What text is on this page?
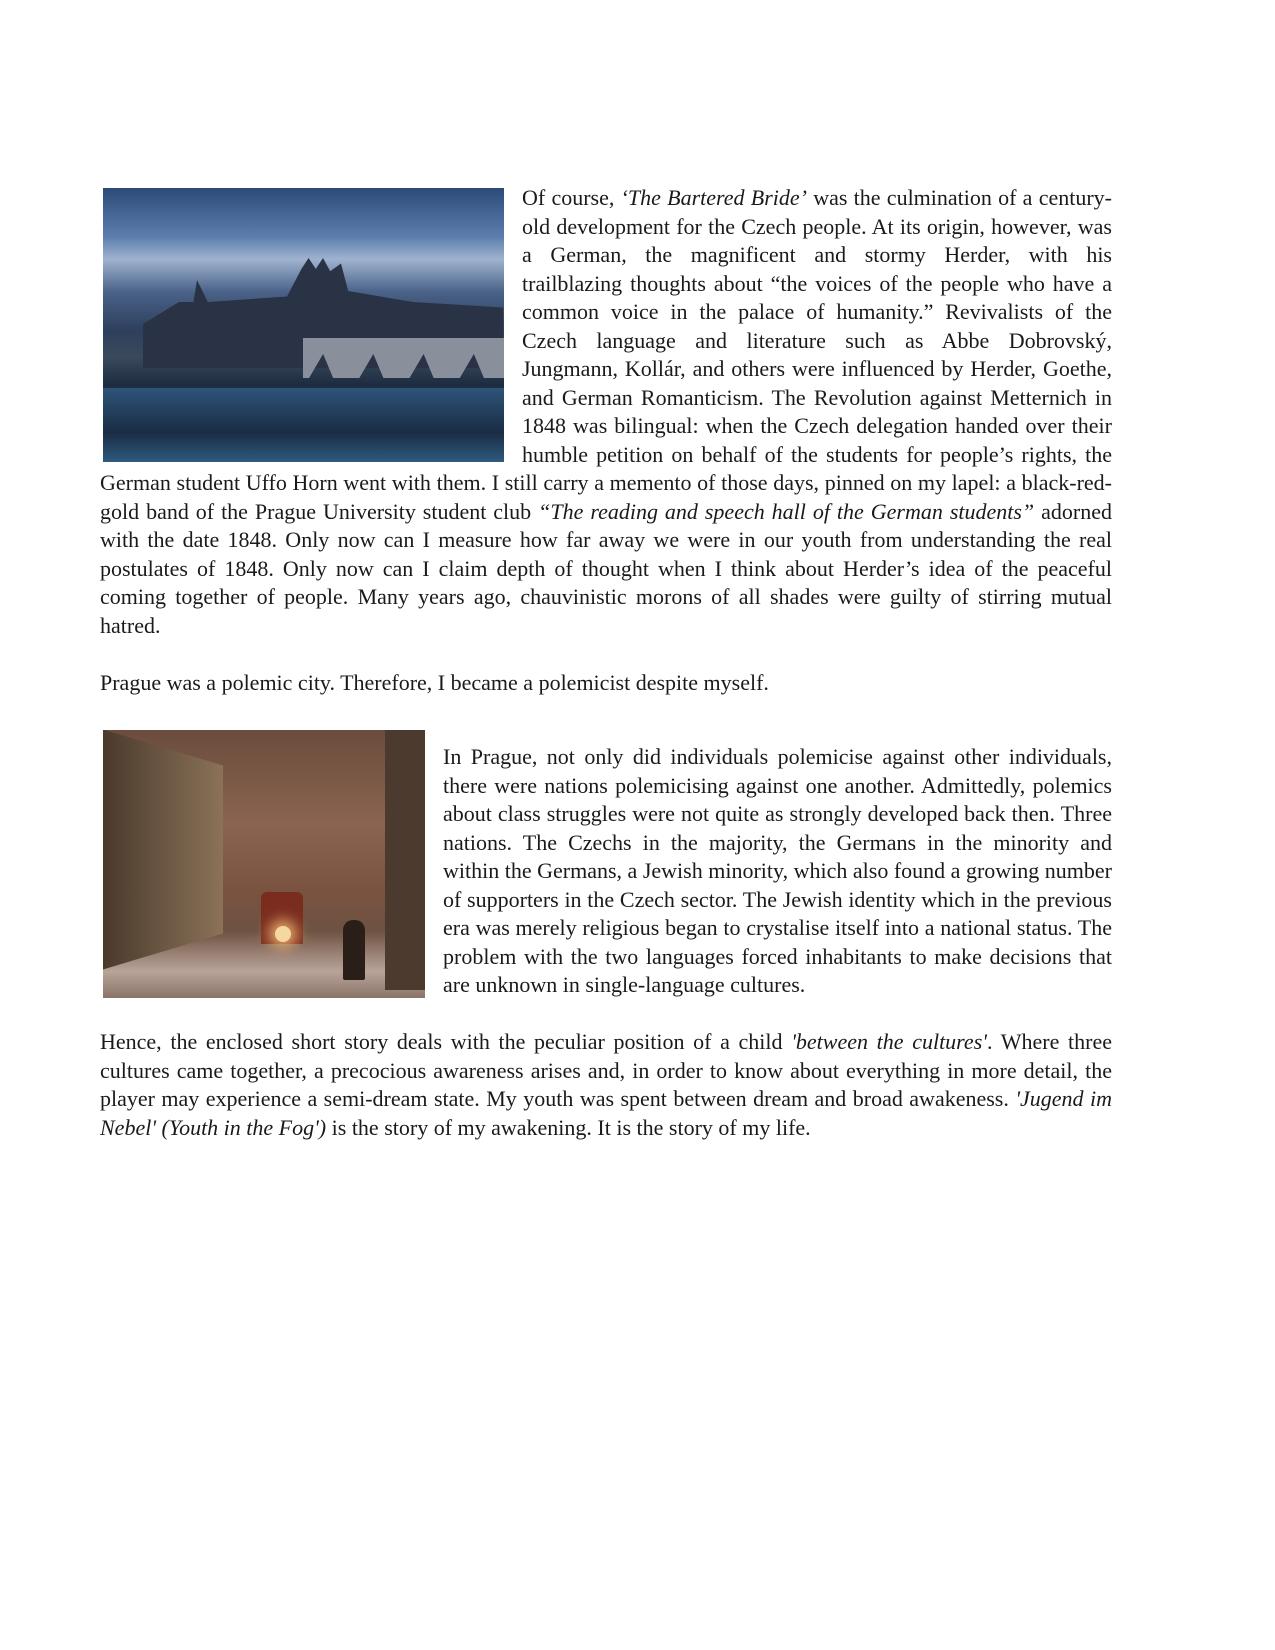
Of course, ‘The Bartered Bride’ was the culmination of a century-old development for the Czech people. At its origin, however, was a German, the magnificent and stormy Herder, with his trailblazing thoughts about “the voices of the people who have a common voice in the palace of humanity.” Revivalists of the Czech language and literature such as Abbe Dobrovský, Jungmann, Kollár, and others were influenced by Herder, Goethe, and German Romanticism. The Revolution against Metternich in 1848 was bilingual: when the Czech delegation handed over their humble petition on behalf of the students for people’s rights, the German student Uffo Horn went with them. I still carry a memento of those days, pinned on my lapel: a black-red-gold band of the Prague University student club “The reading and speech hall of the German students” adorned with the date 1848. Only now can I measure how far away we were in our youth from understanding the real postulates of 1848. Only now can I claim depth of thought when I think about Herder’s idea of the peaceful coming together of people. Many years ago, chauvinistic morons of all shades were guilty of stirring mutual hatred.

Prague was a polemic city. Therefore, I became a polemicist despite myself.

In Prague, not only did individuals polemicise against other individuals, there were nations polemicising against one another. Admittedly, polemics about class struggles were not quite as strongly developed back then. Three nations. The Czechs in the majority, the Germans in the minority and within the Germans, a Jewish minority, which also found a growing number of supporters in the Czech sector. The Jewish identity which in the previous era was merely religious began to crystalise itself into a national status. The problem with the two languages forced inhabitants to make decisions that are unknown in single-language cultures.

Hence, the enclosed short story deals with the peculiar position of a child 'between the cultures'. Where three cultures came together, a precocious awareness arises and, in order to know about everything in more detail, the player may experience a semi-dream state. My youth was spent between dream and broad awakeness. 'Jugend im Nebel' (Youth in the Fog') is the story of my awakening. It is the story of my life.
